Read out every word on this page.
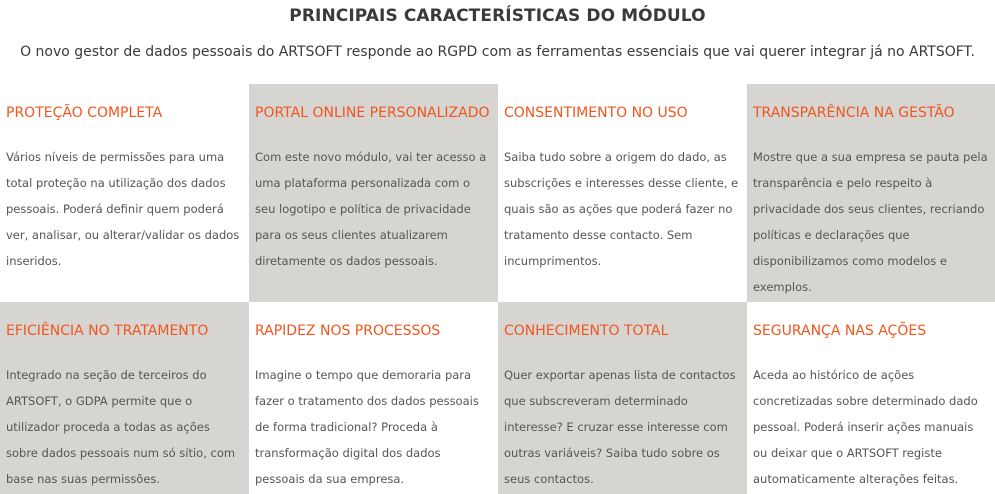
PRINCIPAIS CARACTERÍSTICAS DO MÓDULO
O novo gestor de dados pessoais do ARTSOFT responde ao RGPD com as ferramentas essenciais que vai querer integrar já no ARTSOFT.
PROTEÇÃO COMPLETA

Vários níveis de permissões para uma total proteção na utilização dos dados pessoais. Poderá definir quem poderá ver, analisar, ou alterar/validar os dados inseridos.

PORTAL ONLINE PERSONALIZADO

Com este novo módulo, vai ter acesso a uma plataforma personalizada com o seu logotipo e política de privacidade para os seus clientes atualizarem diretamente os dados pessoais.

CONSENTIMENTO NO USO

Saiba tudo sobre a origem do dado, as subscrições e interesses desse cliente, e quais são as ações que poderá fazer no tratamento desse contacto. Sem incumprimentos.

TRANSPARÊNCIA NA GESTÃO

Mostre que a sua empresa se pauta pela transparência e pelo respeito à privacidade dos seus clientes, recriando políticas e declarações que disponibilizamos como modelos e exemplos.

EFICIÊNCIA NO TRATAMENTO

Integrado na seção de terceiros do ARTSOFT, o GDPA permite que o utilizador proceda a todas as ações sobre dados pessoais num só sítio, com base nas suas permissões.

RAPIDEZ NOS PROCESSOS

Imagine o tempo que demoraria para fazer o tratamento dos dados pessoais de forma tradicional? Proceda à transformação digital dos dados pessoais da sua empresa.

CONHECIMENTO TOTAL

Quer exportar apenas lista de contactos que subscreveram determinado interesse? E cruzar esse interesse com outras variáveis? Saiba tudo sobre os seus contactos.

SEGURANÇA NAS AÇÕES

Aceda ao histórico de ações concretizadas sobre determinado dado pessoal. Poderá inserir ações manuais ou deixar que o ARTSOFT registe automaticamente alterações feitas.
